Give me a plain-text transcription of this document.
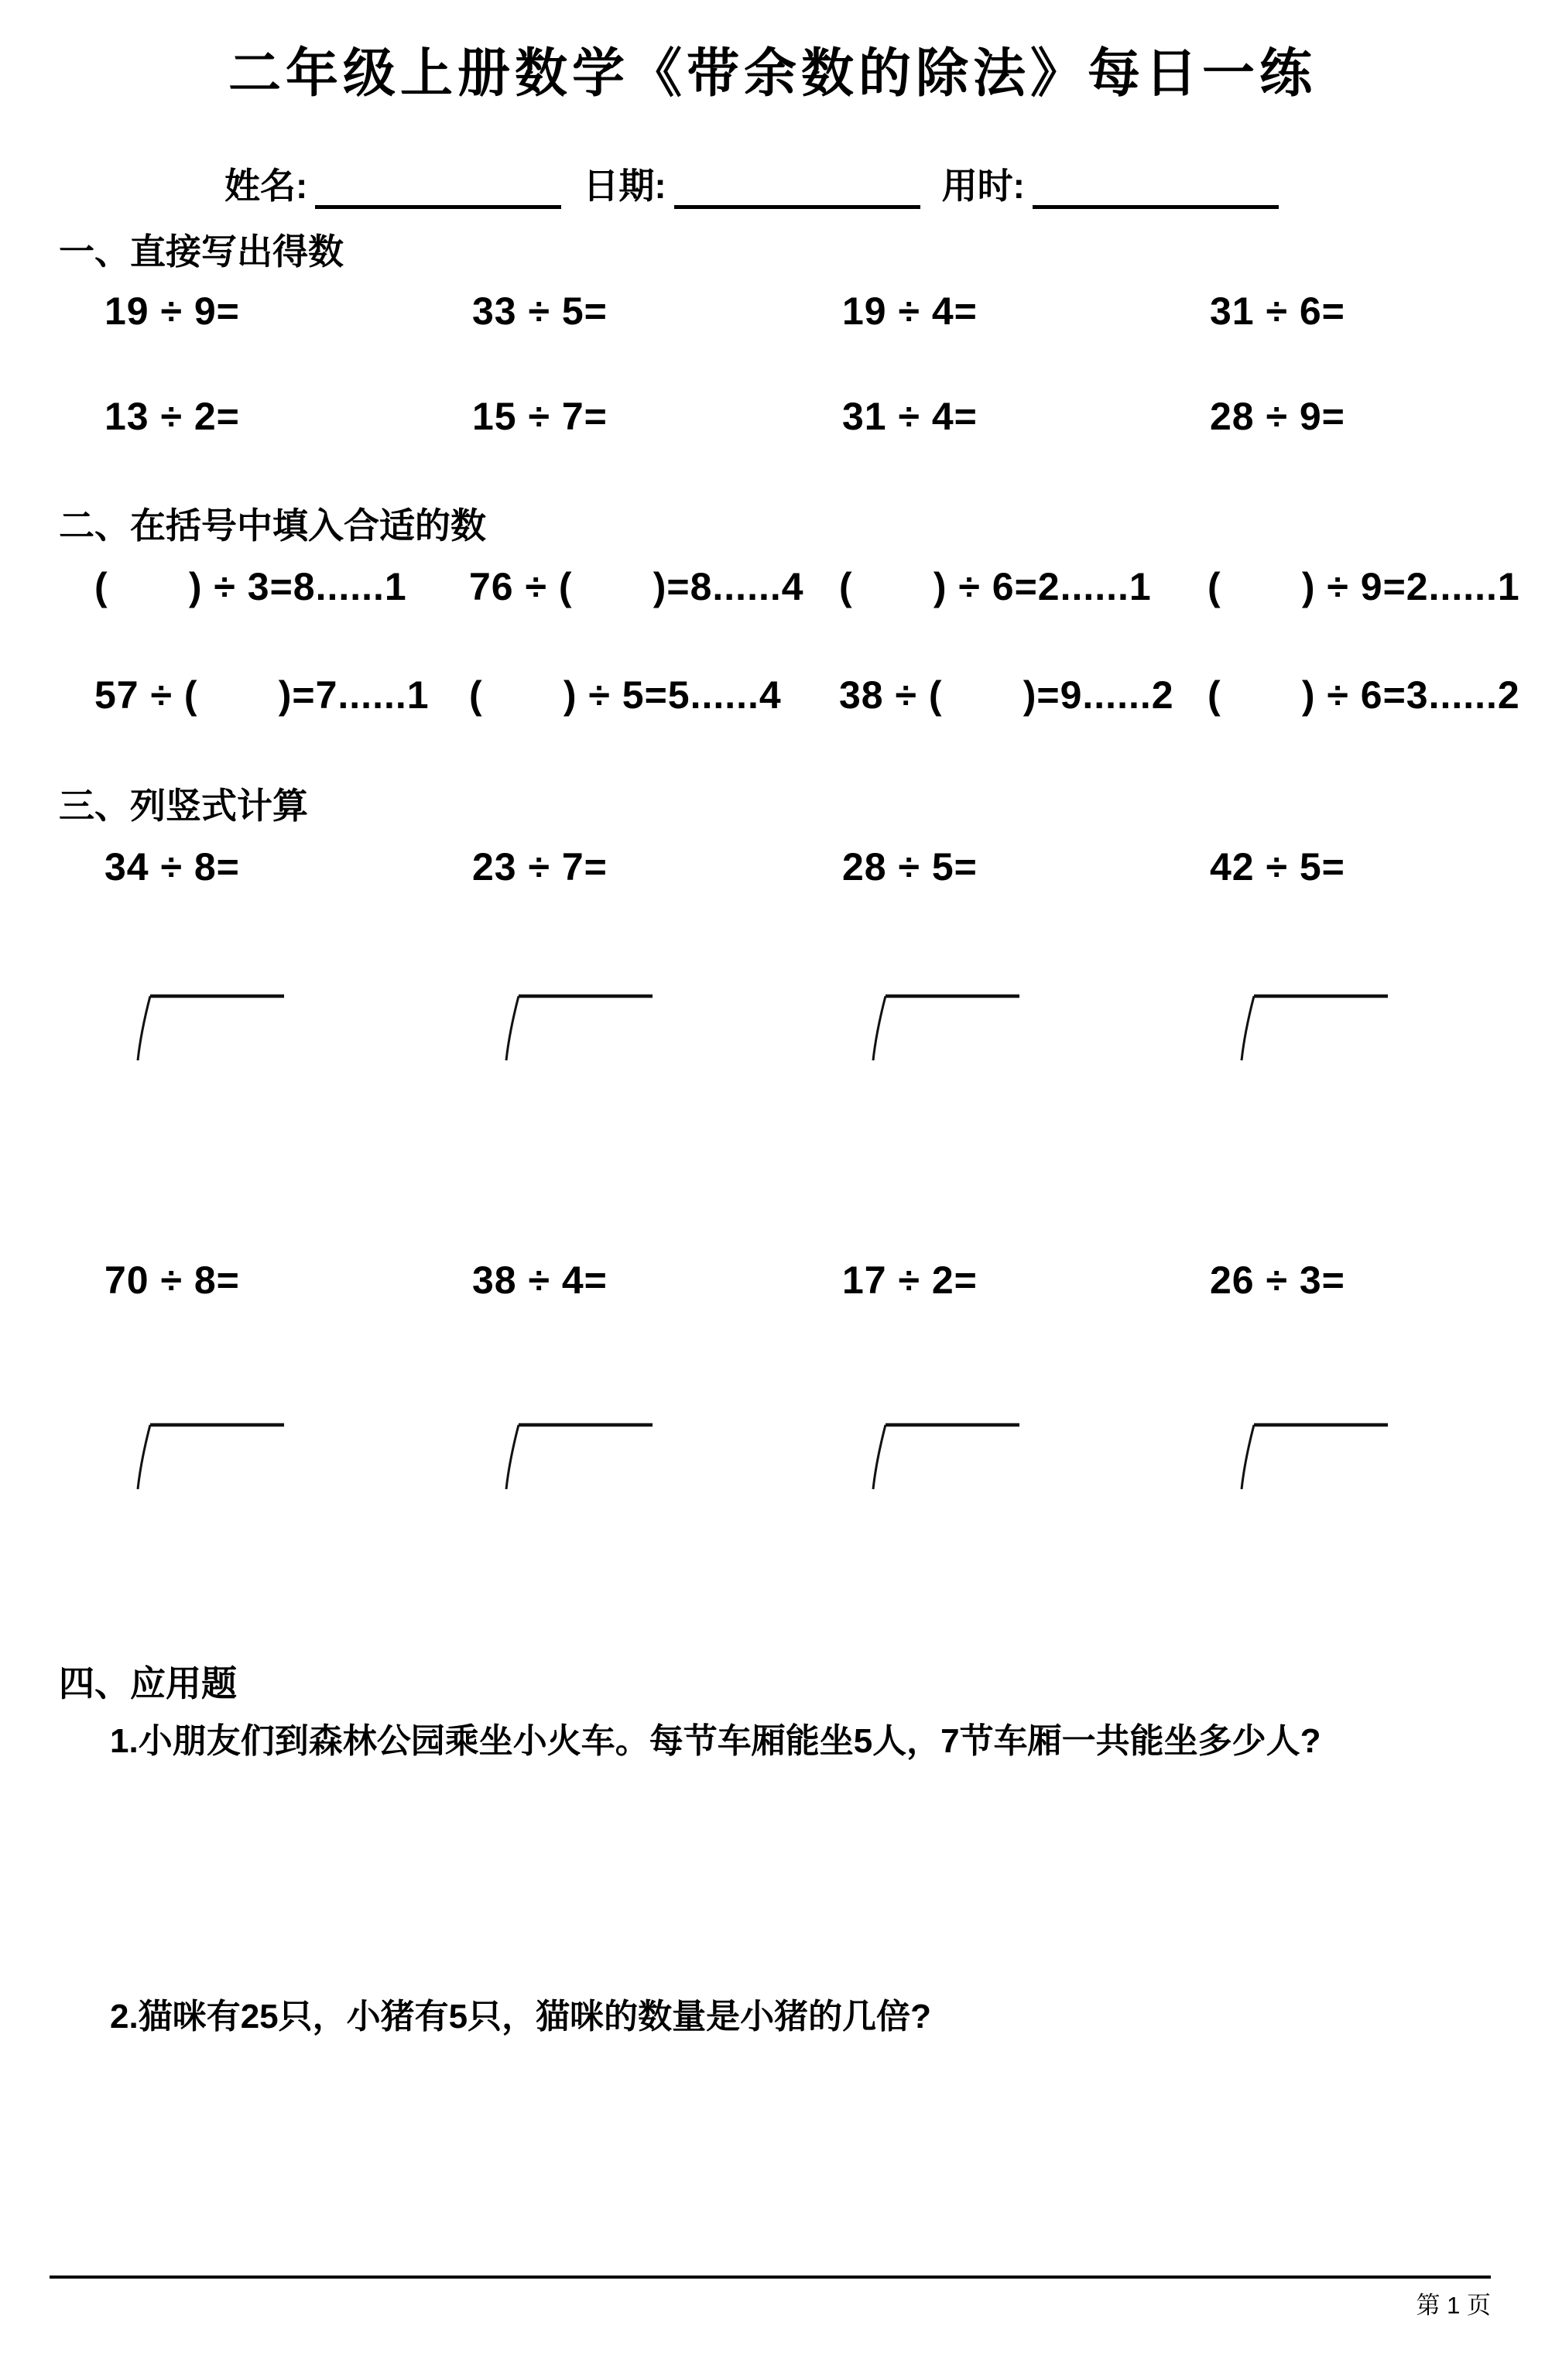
二年级上册数学《带余数的除法》每日一练
姓名:	日期:	用时:
一、直接写出得数
19 ÷ 9=	33 ÷ 5=	19 ÷ 4=	31 ÷ 6=
13 ÷ 2=	15 ÷ 7=	31 ÷ 4=	28 ÷ 9=
二、在括号中填入合适的数
(       ) ÷ 3=8......1 76 ÷ (       )=8......4 (       ) ÷ 6=2......1 (       ) ÷ 9=2......1
57 ÷ (       )=7......1 (       ) ÷ 5=5......4 38 ÷ (       )=9......2 (       ) ÷ 6=3......2
三、列竖式计算
34 ÷ 8=	23 ÷ 7=	28 ÷ 5=	42 ÷ 5=
70 ÷ 8=	38 ÷ 4=	17 ÷ 2=	26 ÷ 3=
四、应用题
1.小朋友们到森林公园乘坐小火车。每节车厢能坐5人，7节车厢一共能坐多少人?
2.猫咪有25只，小猪有5只，猫咪的数量是小猪的几倍?
第 1 页
